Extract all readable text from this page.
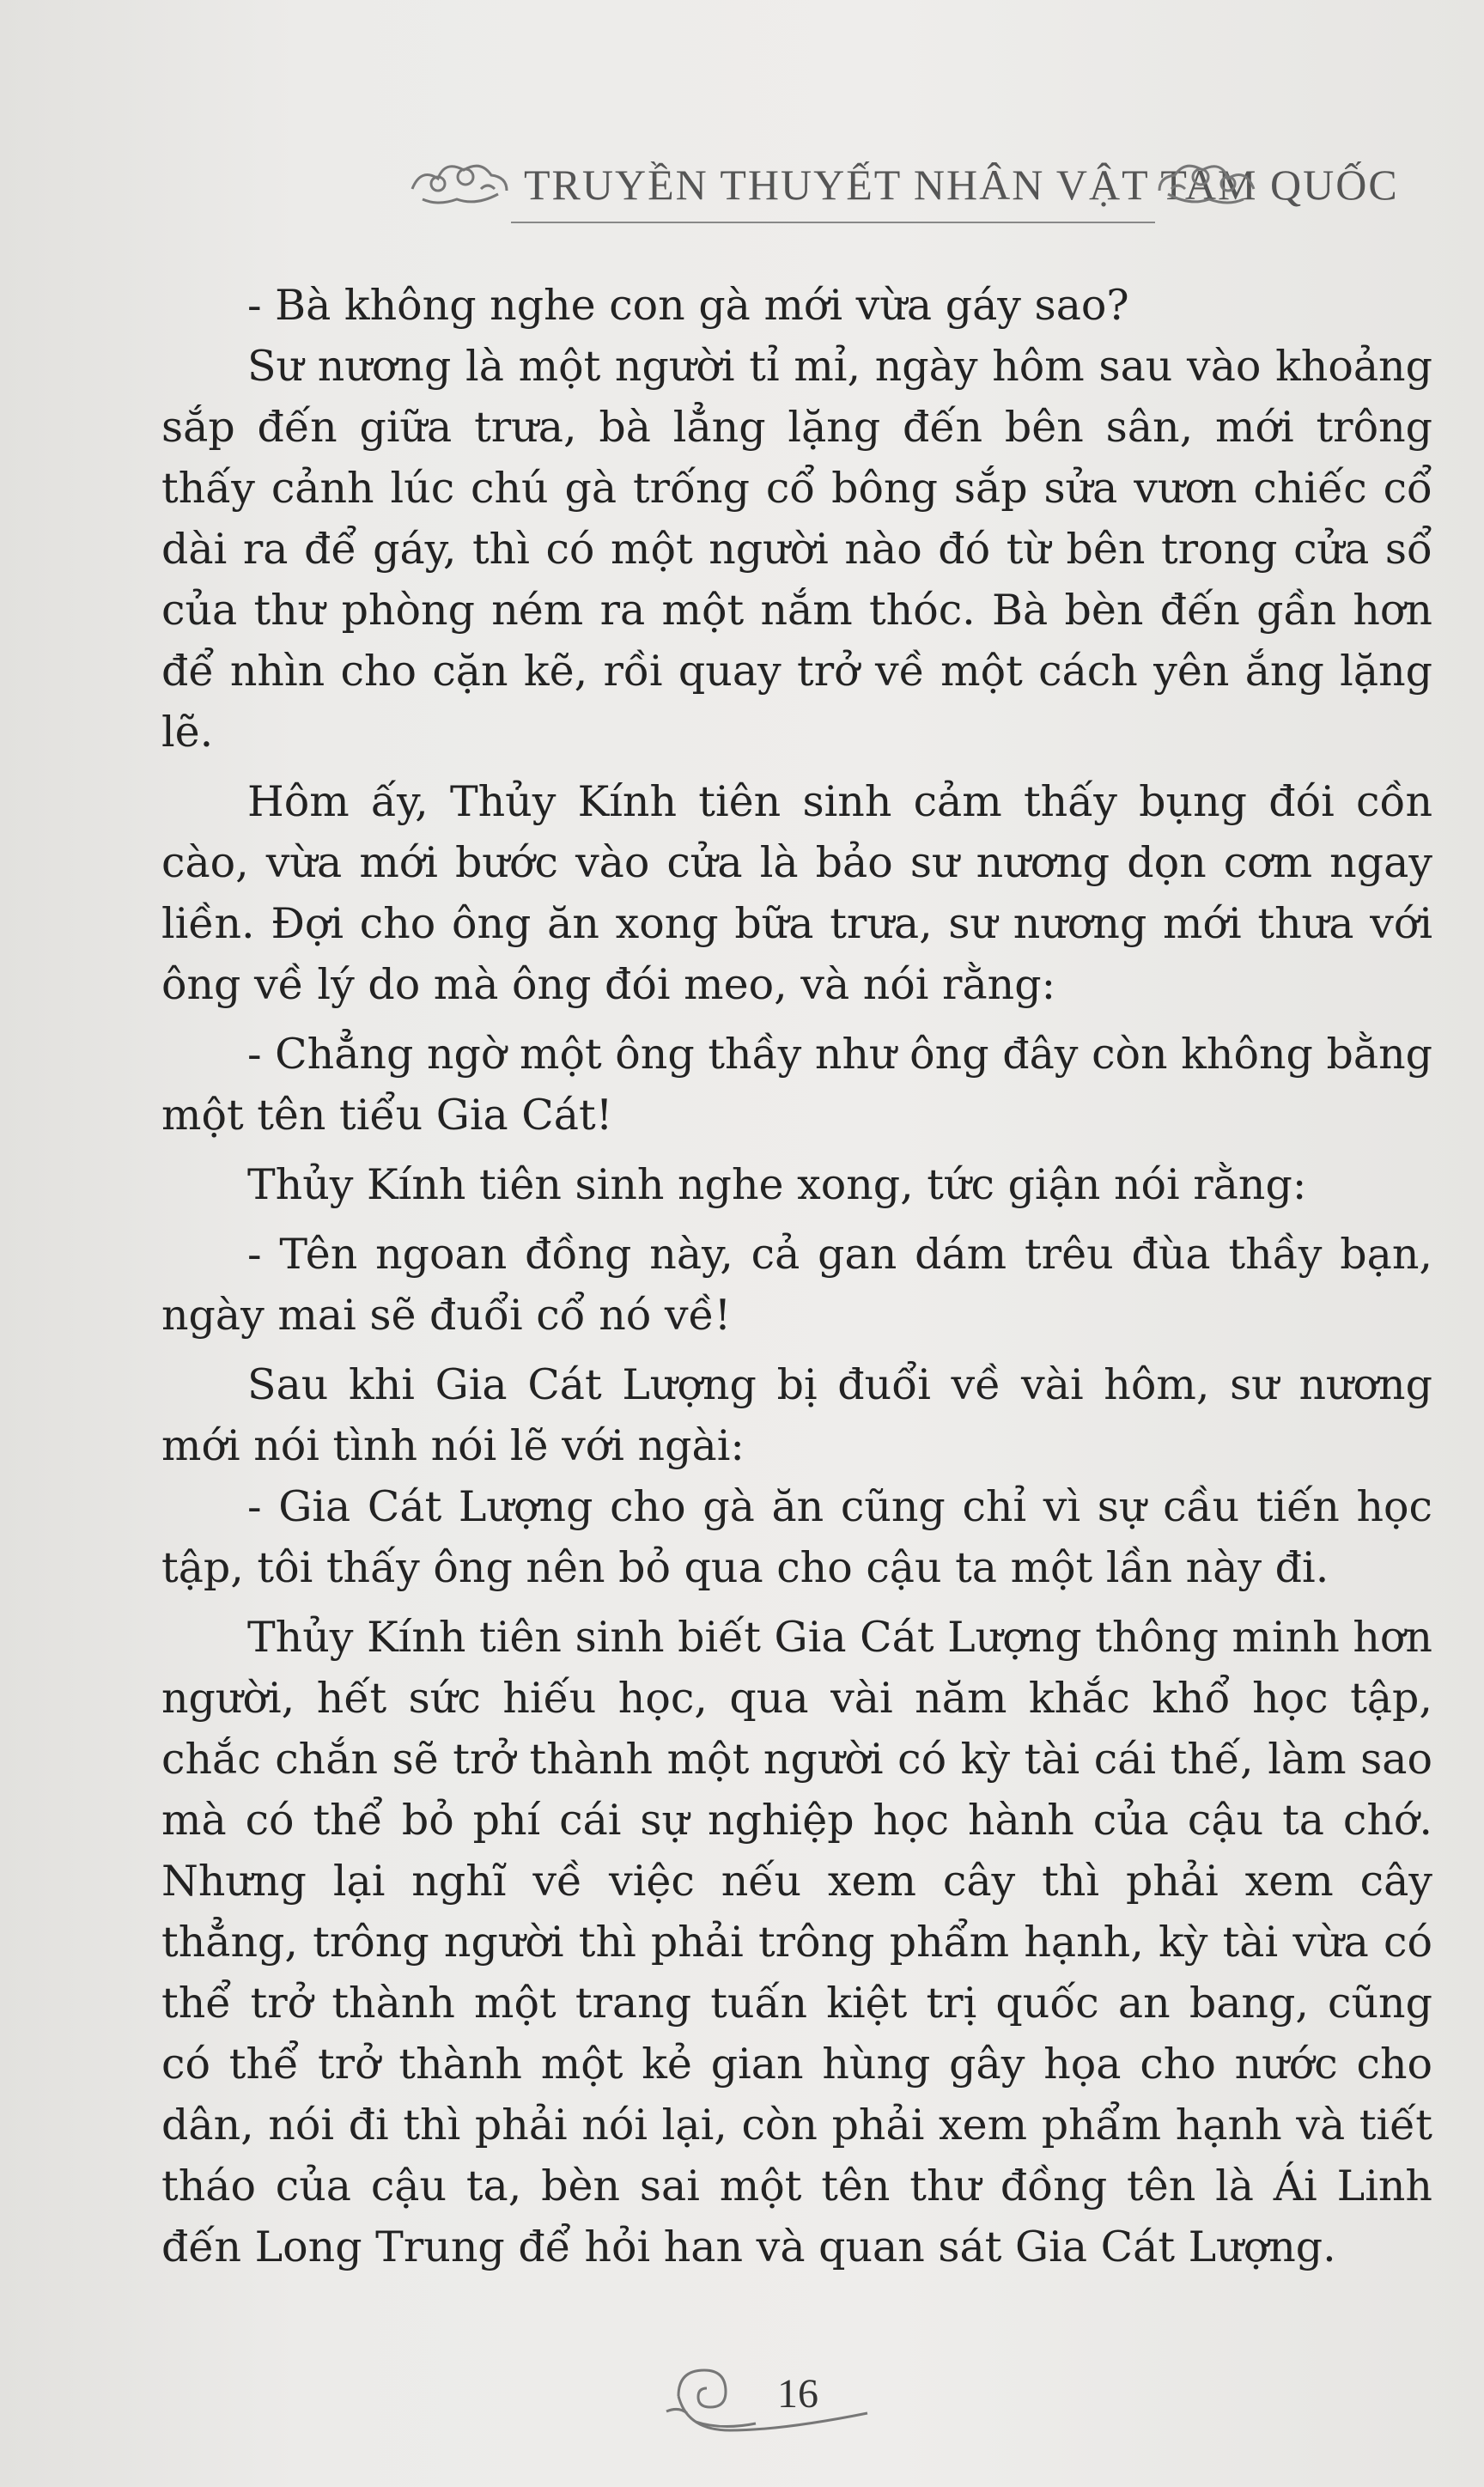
TRUYỀN THUYẾT NHÂN VẬT TAM QUỐC

- Bà không nghe con gà mới vừa gáy sao?

Sư nương là một người tỉ mỉ, ngày hôm sau vào khoảng sắp đến giữa trưa, bà lẳng lặng đến bên sân, mới trông thấy cảnh lúc chú gà trống cổ bông sắp sửa vươn chiếc cổ dài ra để gáy, thì có một người nào đó từ bên trong cửa sổ của thư phòng ném ra một nắm thóc. Bà bèn đến gần hơn để nhìn cho cặn kẽ, rồi quay trở về một cách yên ắng lặng lẽ.

Hôm ấy, Thủy Kính tiên sinh cảm thấy bụng đói cồn cào, vừa mới bước vào cửa là bảo sư nương dọn cơm ngay liền. Đợi cho ông ăn xong bữa trưa, sư nương mới thưa với ông về lý do mà ông đói meo, và nói rằng:

- Chẳng ngờ một ông thầy như ông đây còn không bằng một tên tiểu Gia Cát!

Thủy Kính tiên sinh nghe xong, tức giận nói rằng:

- Tên ngoan đồng này, cả gan dám trêu đùa thầy bạn, ngày mai sẽ đuổi cổ nó về!

Sau khi Gia Cát Lượng bị đuổi về vài hôm, sư nương mới nói tình nói lẽ với ngài:

- Gia Cát Lượng cho gà ăn cũng chỉ vì sự cầu tiến học tập, tôi thấy ông nên bỏ qua cho cậu ta một lần này đi.

Thủy Kính tiên sinh biết Gia Cát Lượng thông minh hơn người, hết sức hiếu học, qua vài năm khắc khổ học tập, chắc chắn sẽ trở thành một người có kỳ tài cái thế, làm sao mà có thể bỏ phí cái sự nghiệp học hành của cậu ta chớ. Nhưng lại nghĩ về việc nếu xem cây thì phải xem cây thẳng, trông người thì phải trông phẩm hạnh, kỳ tài vừa có thể trở thành một trang tuấn kiệt trị quốc an bang, cũng có thể trở thành một kẻ gian hùng gây họa cho nước cho dân, nói đi thì phải nói lại, còn phải xem phẩm hạnh và tiết tháo của cậu ta, bèn sai một tên thư đồng tên là Ái Linh đến Long Trung để hỏi han và quan sát Gia Cát Lượng.

16
